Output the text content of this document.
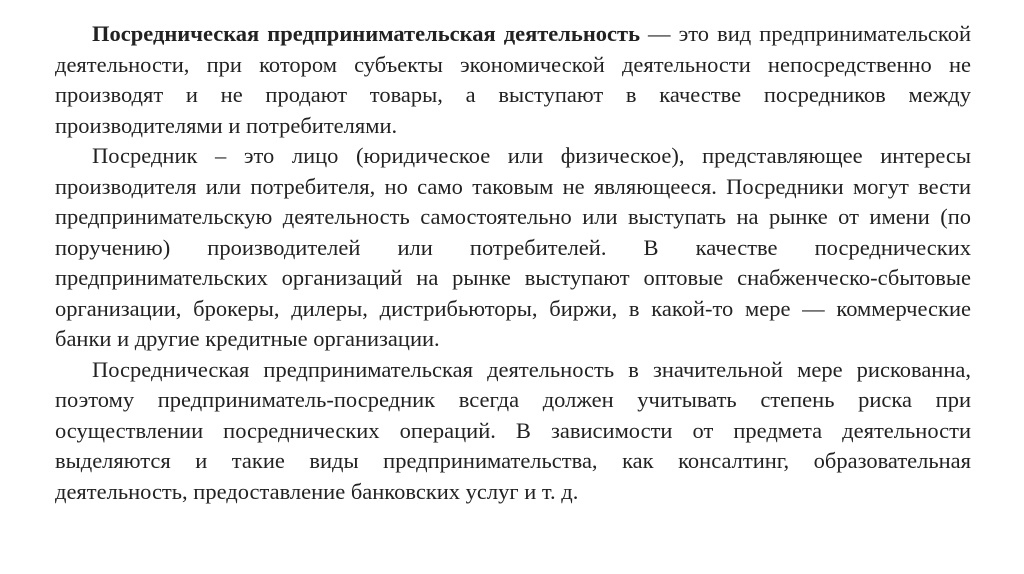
Посредническая предпринимательская деятельность — это вид предпринимательской деятельности, при котором субъекты экономической деятельности непосредственно не производят и не продают товары, а выступают в качестве посредников между производителями и потребителями.

Посредник – это лицо (юридическое или физическое), представляющее интересы производителя или потребителя, но само таковым не являющееся. Посредники могут вести предпринимательскую деятельность самостоятельно или выступать на рынке от имени (по поручению) производителей или потребителей. В качестве посреднических предпринимательских организаций на рынке выступают оптовые снабженческо-сбытовые организации, брокеры, дилеры, дистрибьюторы, биржи, в какой-то мере — коммерческие банки и другие кредитные организации.

Посредническая предпринимательская деятельность в значительной мере рискованна, поэтому предприниматель-посредник всегда должен учитывать степень риска при осуществлении посреднических операций. В зависимости от предмета деятельности выделяются и такие виды предпринимательства, как консалтинг, образовательная деятельность, предоставление банковских услуг и т. д.
